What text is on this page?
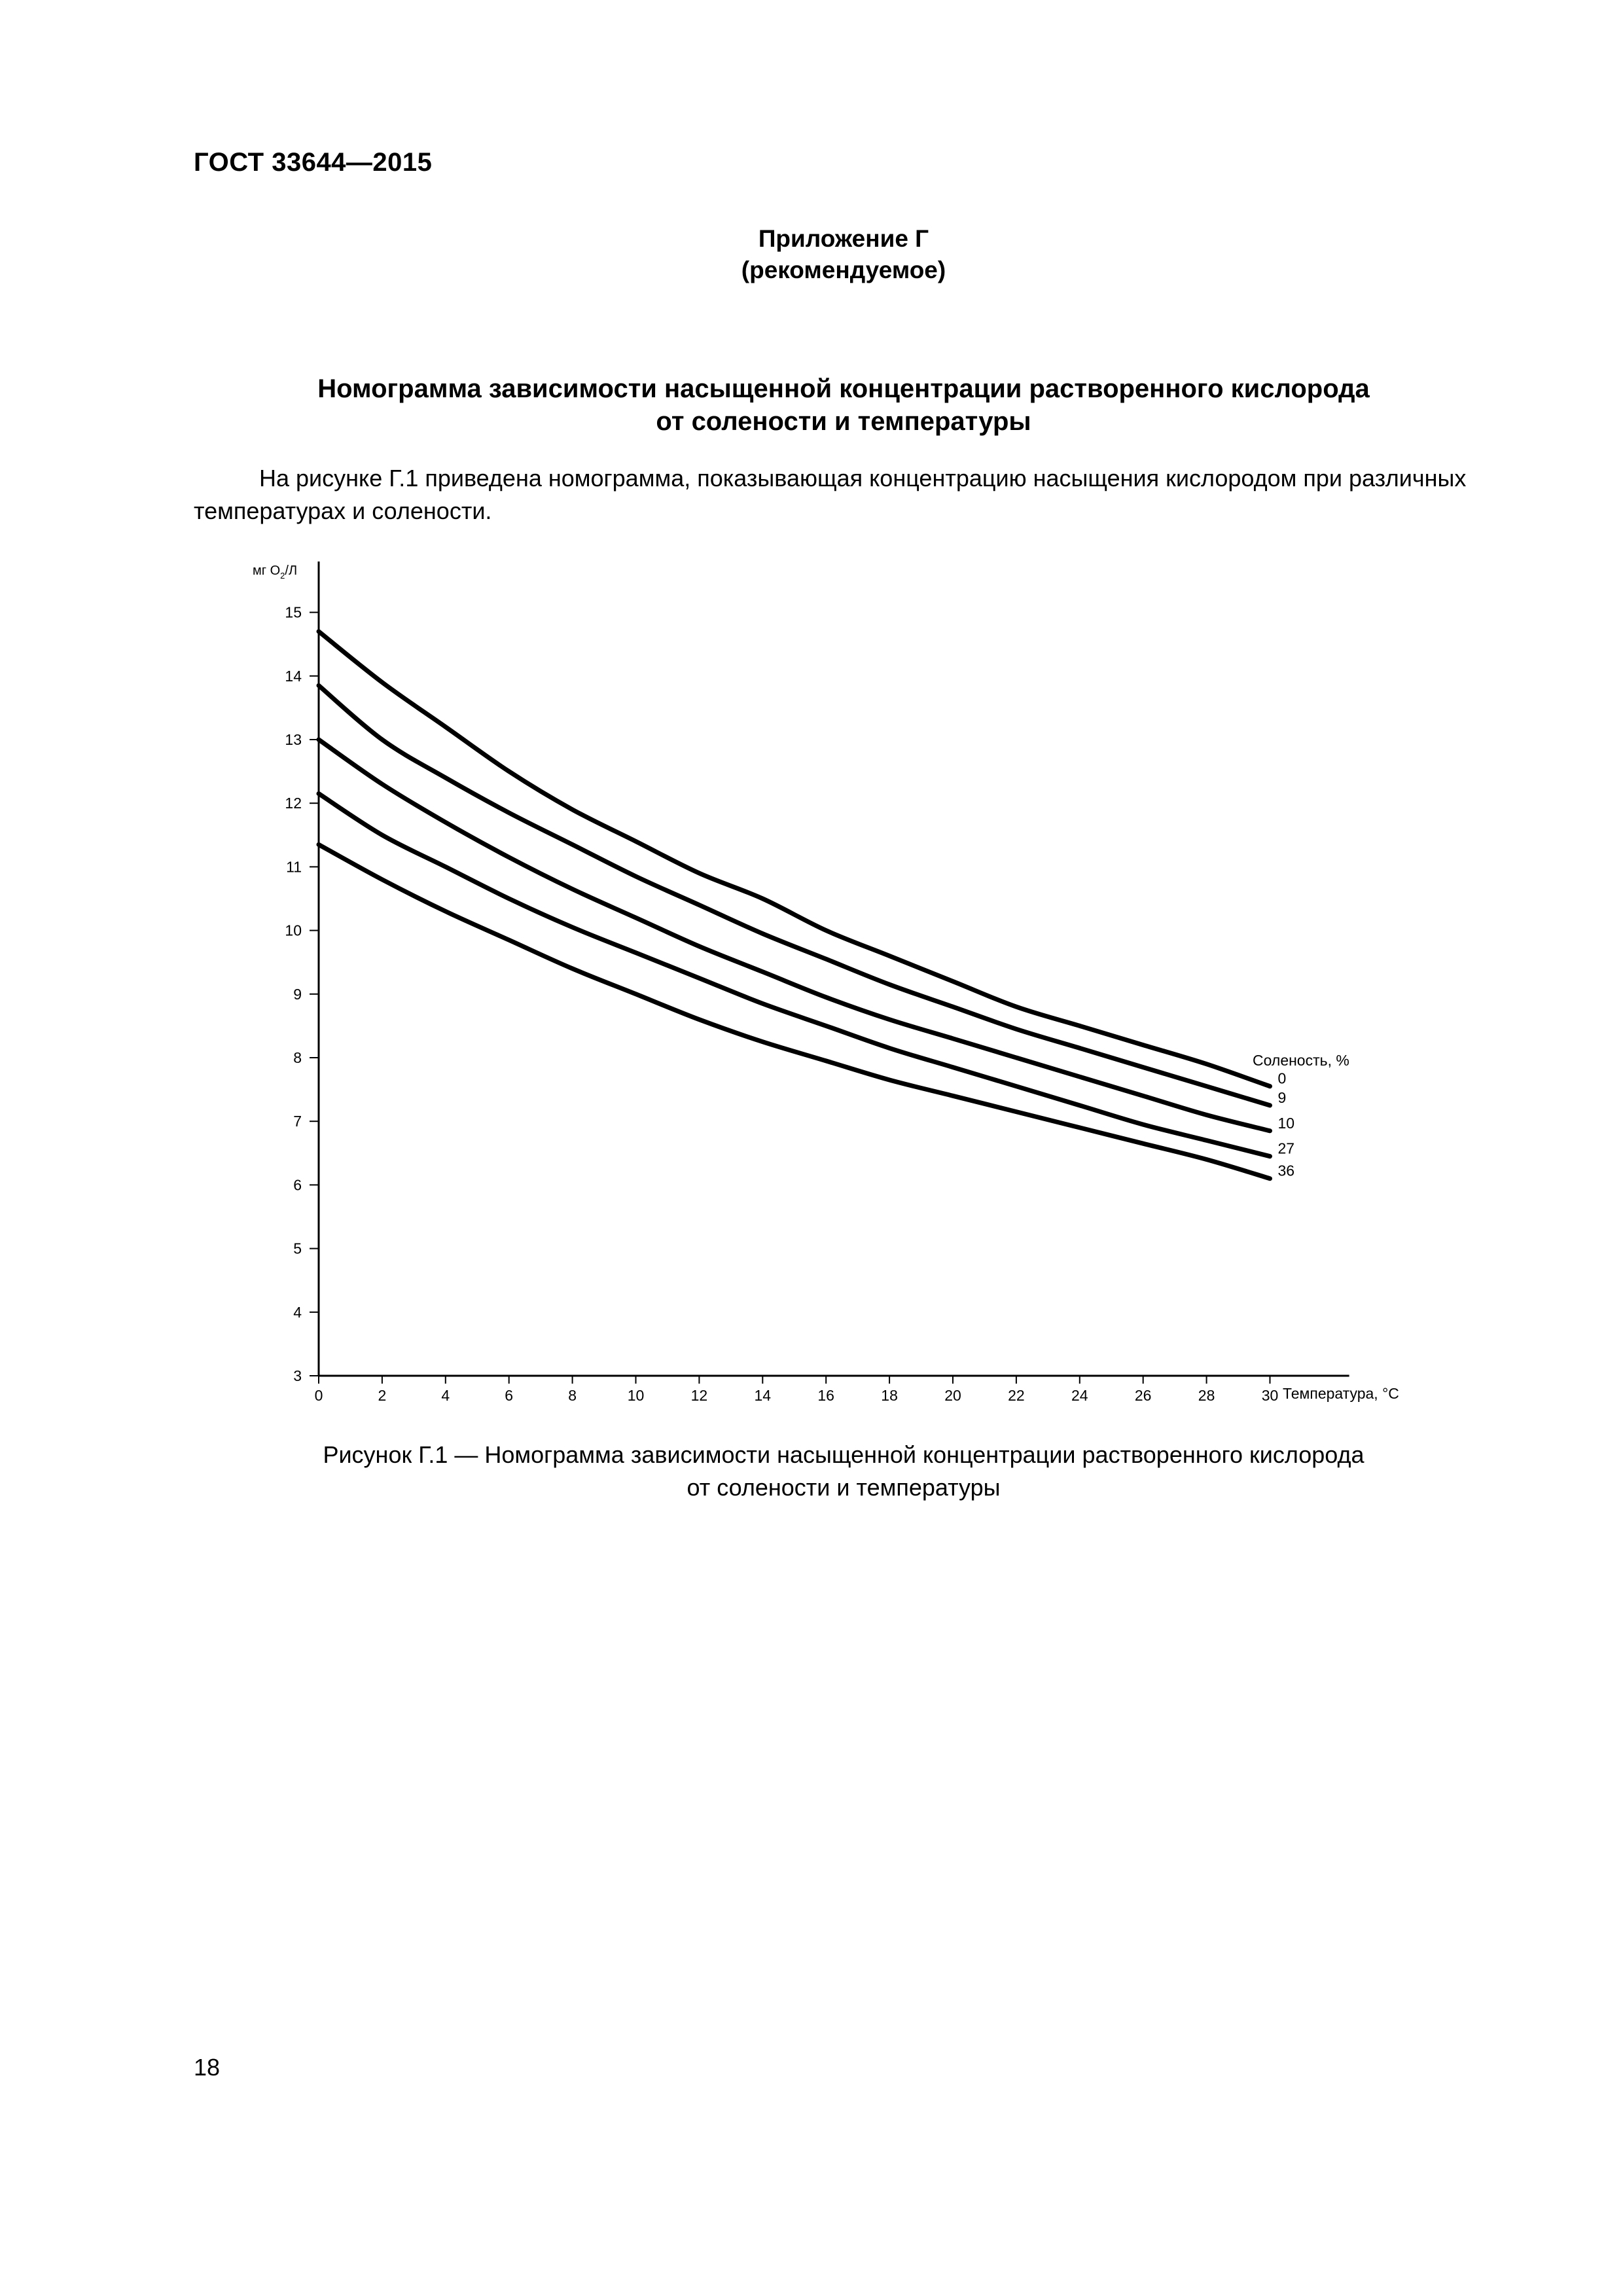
ГОСТ 33644—2015
Приложение Г
(рекомендуемое)
Номограмма зависимости насыщенной концентрации растворенного кислорода
от солености и температуры
На рисунке Г.1 приведена номограмма, показывающая концентрацию насыщения кислородом при различных
температурах и солености.
3
4
5
6
7
8
9
10
11
12
13
14
15
0	2	4	6	8	10	12	14	16	18	20	22	24	26	28	30
0
9
10
27
36
мг $O_2/Л$
Температура, °С
Соленость, %
Рисунок Г.1 — Номограмма зависимости насыщенной концентрации растворенного кислорода
от солености и температуры
18
